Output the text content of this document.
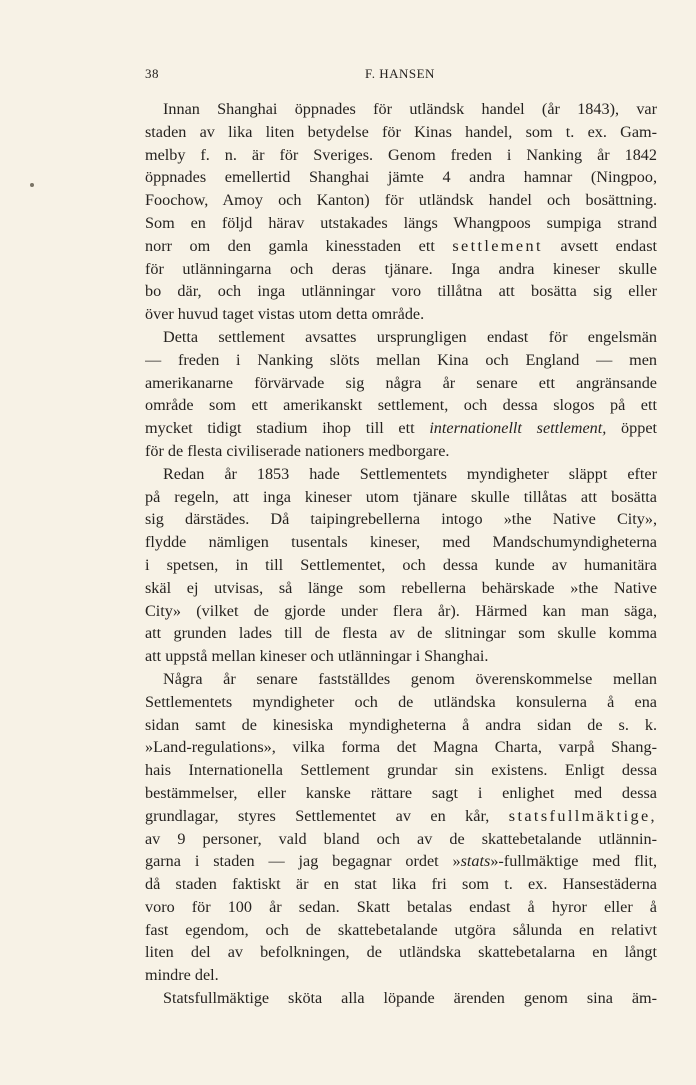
38	F. HANSEN
Innan Shanghai öppnades för utländsk handel (år 1843), var
staden av lika liten betydelse för Kinas handel, som t. ex. Gam-
melby f. n. är för Sveriges. Genom freden i Nanking år 1842
öppnades emellertid Shanghai jämte 4 andra hamnar (Ningpoo,
Foochow, Amoy och Kanton) för utländsk handel och bosättning.
Som en följd härav utstakades längs Whangpoos sumpiga strand
norr om den gamla kinesstaden ett settlement avsett endast
för utlänningarna och deras tjänare. Inga andra kineser skulle
bo där, och inga utlänningar voro tillåtna att bosätta sig eller
över huvud taget vistas utom detta område.
Detta settlement avsattes ursprungligen endast för engelsmän
— freden i Nanking slöts mellan Kina och England — men
amerikanarne förvärvade sig några år senare ett angränsande
område som ett amerikanskt settlement, och dessa slogos på ett
mycket tidigt stadium ihop till ett internationellt settlement, öppet
för de flesta civiliserade nationers medborgare.
Redan år 1853 hade Settlementets myndigheter släppt efter
på regeln, att inga kineser utom tjänare skulle tillåtas att bosätta
sig därstädes. Då taipingrebellerna intogo »the Native City»,
flydde nämligen tusentals kineser, med Mandschumyndigheterna
i spetsen, in till Settlementet, och dessa kunde av humanitära
skäl ej utvisas, så länge som rebellerna behärskade »the Native
City» (vilket de gjorde under flera år). Härmed kan man säga,
att grunden lades till de flesta av de slitningar som skulle komma
att uppstå mellan kineser och utlänningar i Shanghai.
Några år senare fastställdes genom överenskommelse mellan
Settlementets myndigheter och de utländska konsulerna å ena
sidan samt de kinesiska myndigheterna å andra sidan de s. k.
»Land-regulations», vilka forma det Magna Charta, varpå Shang-
hais Internationella Settlement grundar sin existens. Enligt dessa
bestämmelser, eller kanske rättare sagt i enlighet med dessa
grundlagar, styres Settlementet av en kår, statsfullmäktige,
av 9 personer, vald bland och av de skattebetalande utlännin-
garna i staden — jag begagnar ordet »stats»-fullmäktige med flit,
då staden faktiskt är en stat lika fri som t. ex. Hansestäderna
voro för 100 år sedan. Skatt betalas endast å hyror eller å
fast egendom, och de skattebetalande utgöra sålunda en relativt
liten del av befolkningen, de utländska skattebetalarna en långt
mindre del.
Statsfullmäktige sköta alla löpande ärenden genom sina äm-
